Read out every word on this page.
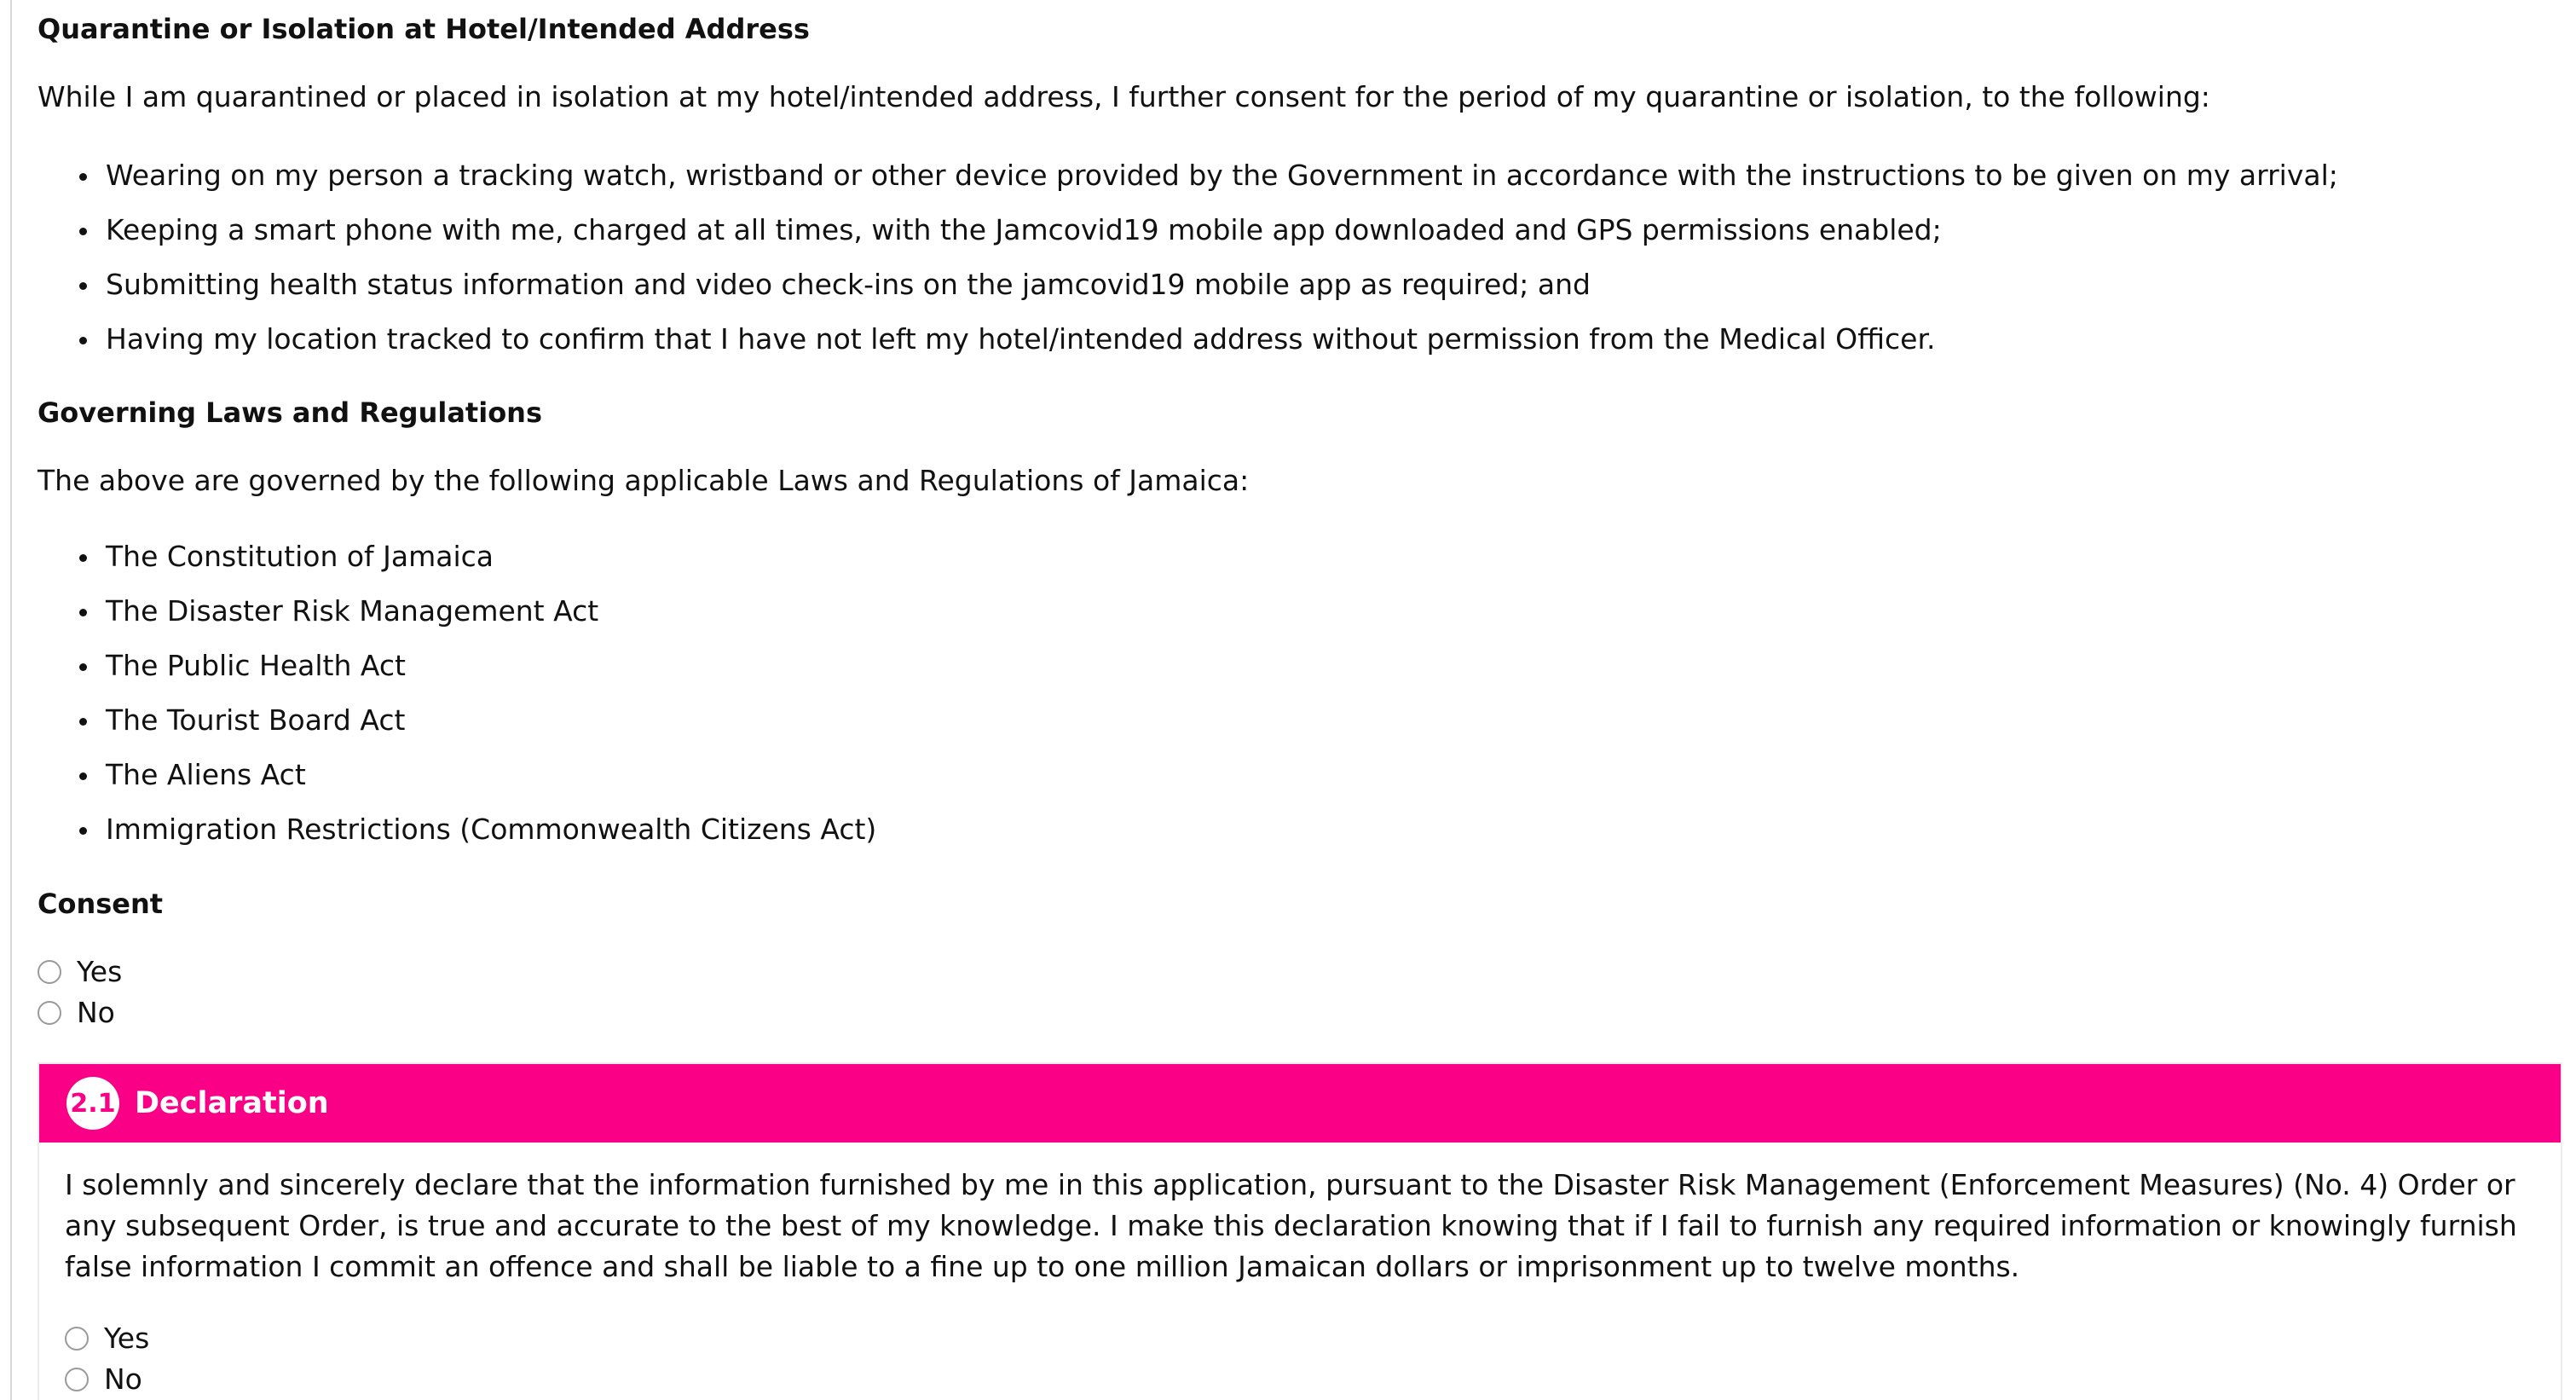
Quarantine or Isolation at Hotel/Intended Address

While I am quarantined or placed in isolation at my hotel/intended address, I further consent for the period of my quarantine or isolation, to the following:

Wearing on my person a tracking watch, wristband or other device provided by the Government in accordance with the instructions to be given on my arrival;
Keeping a smart phone with me, charged at all times, with the Jamcovid19 mobile app downloaded and GPS permissions enabled;
Submitting health status information and video check-ins on the jamcovid19 mobile app as required; and
Having my location tracked to confirm that I have not left my hotel/intended address without permission from the Medical Officer.
Governing Laws and Regulations

The above are governed by the following applicable Laws and Regulations of Jamaica:

The Constitution of Jamaica
The Disaster Risk Management Act
The Public Health Act
The Tourist Board Act
The Aliens Act
Immigration Restrictions (Commonwealth Citizens Act)
Consent
Yes
No
2.1 Declaration

I solemnly and sincerely declare that the information furnished by me in this application, pursuant to the Disaster Risk Management (Enforcement Measures) (No. 4) Order or any subsequent Order, is true and accurate to the best of my knowledge. I make this declaration knowing that if I fail to furnish any required information or knowingly furnish false information I commit an offence and shall be liable to a fine up to one million Jamaican dollars or imprisonment up to twelve months.

Yes
No
